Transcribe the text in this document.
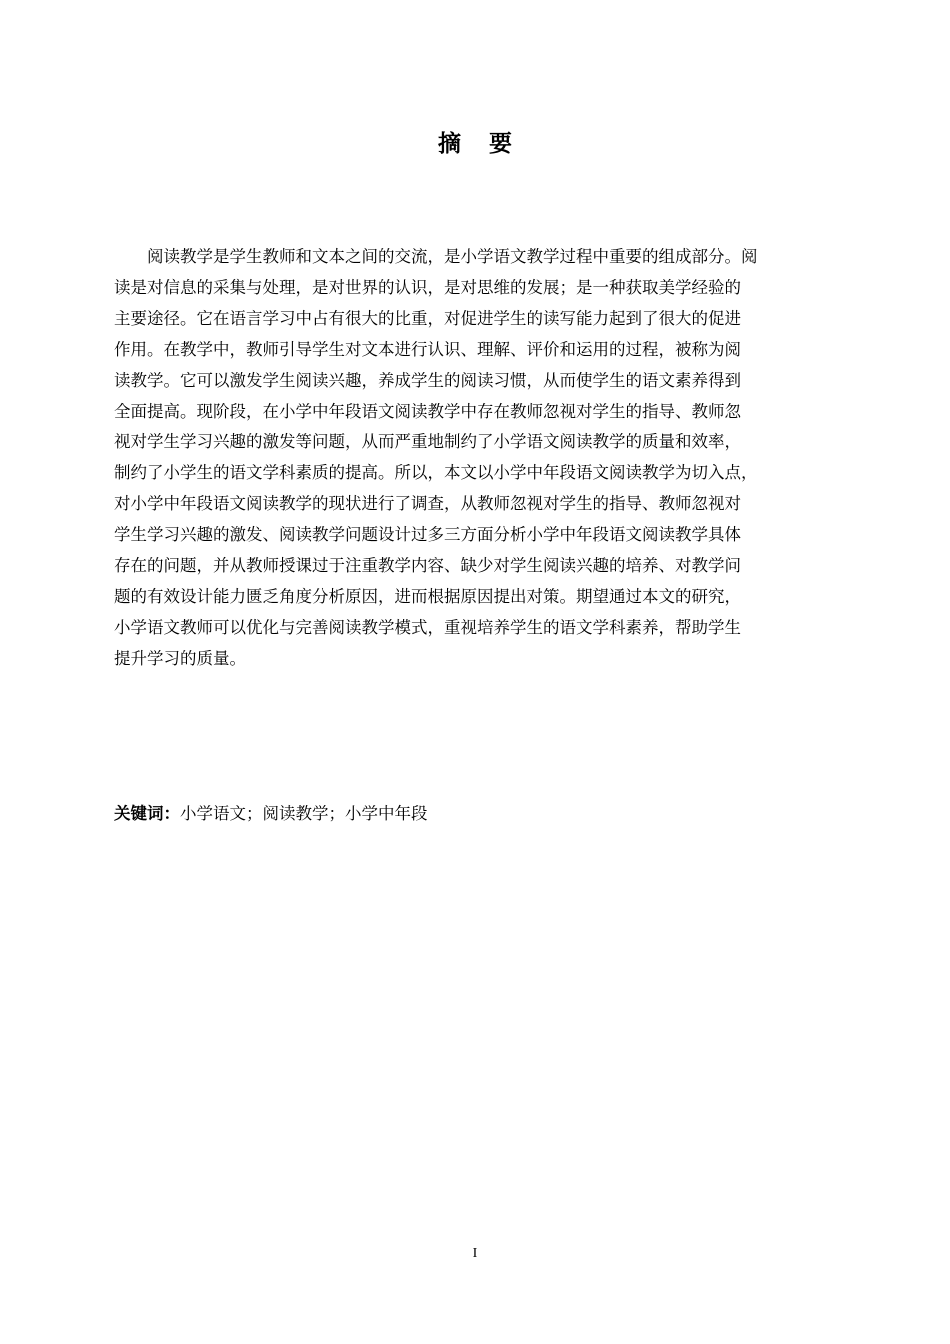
摘 要
阅读教学是学生教师和文本之间的交流，是小学语文教学过程中重要的组成部分。阅
读是对信息的采集与处理，是对世界的认识，是对思维的发展；是一种获取美学经验的
主要途径。它在语言学习中占有很大的比重，对促进学生的读写能力起到了很大的促进
作用。在教学中，教师引导学生对文本进行认识、理解、评价和运用的过程，被称为阅
读教学。它可以激发学生阅读兴趣，养成学生的阅读习惯，从而使学生的语文素养得到
全面提高。现阶段，在小学中年段语文阅读教学中存在教师忽视对学生的指导、教师忽
视对学生学习兴趣的激发等问题，从而严重地制约了小学语文阅读教学的质量和效率，
制约了小学生的语文学科素质的提高。所以，本文以小学中年段语文阅读教学为切入点，
对小学中年段语文阅读教学的现状进行了调查，从教师忽视对学生的指导、教师忽视对
学生学习兴趣的激发、阅读教学问题设计过多三方面分析小学中年段语文阅读教学具体
存在的问题，并从教师授课过于注重教学内容、缺少对学生阅读兴趣的培养、对教学问
题的有效设计能力匮乏角度分析原因，进而根据原因提出对策。期望通过本文的研究，
小学语文教师可以优化与完善阅读教学模式，重视培养学生的语文学科素养，帮助学生
提升学习的质量。
关键词：小学语文；阅读教学；小学中年段
I
